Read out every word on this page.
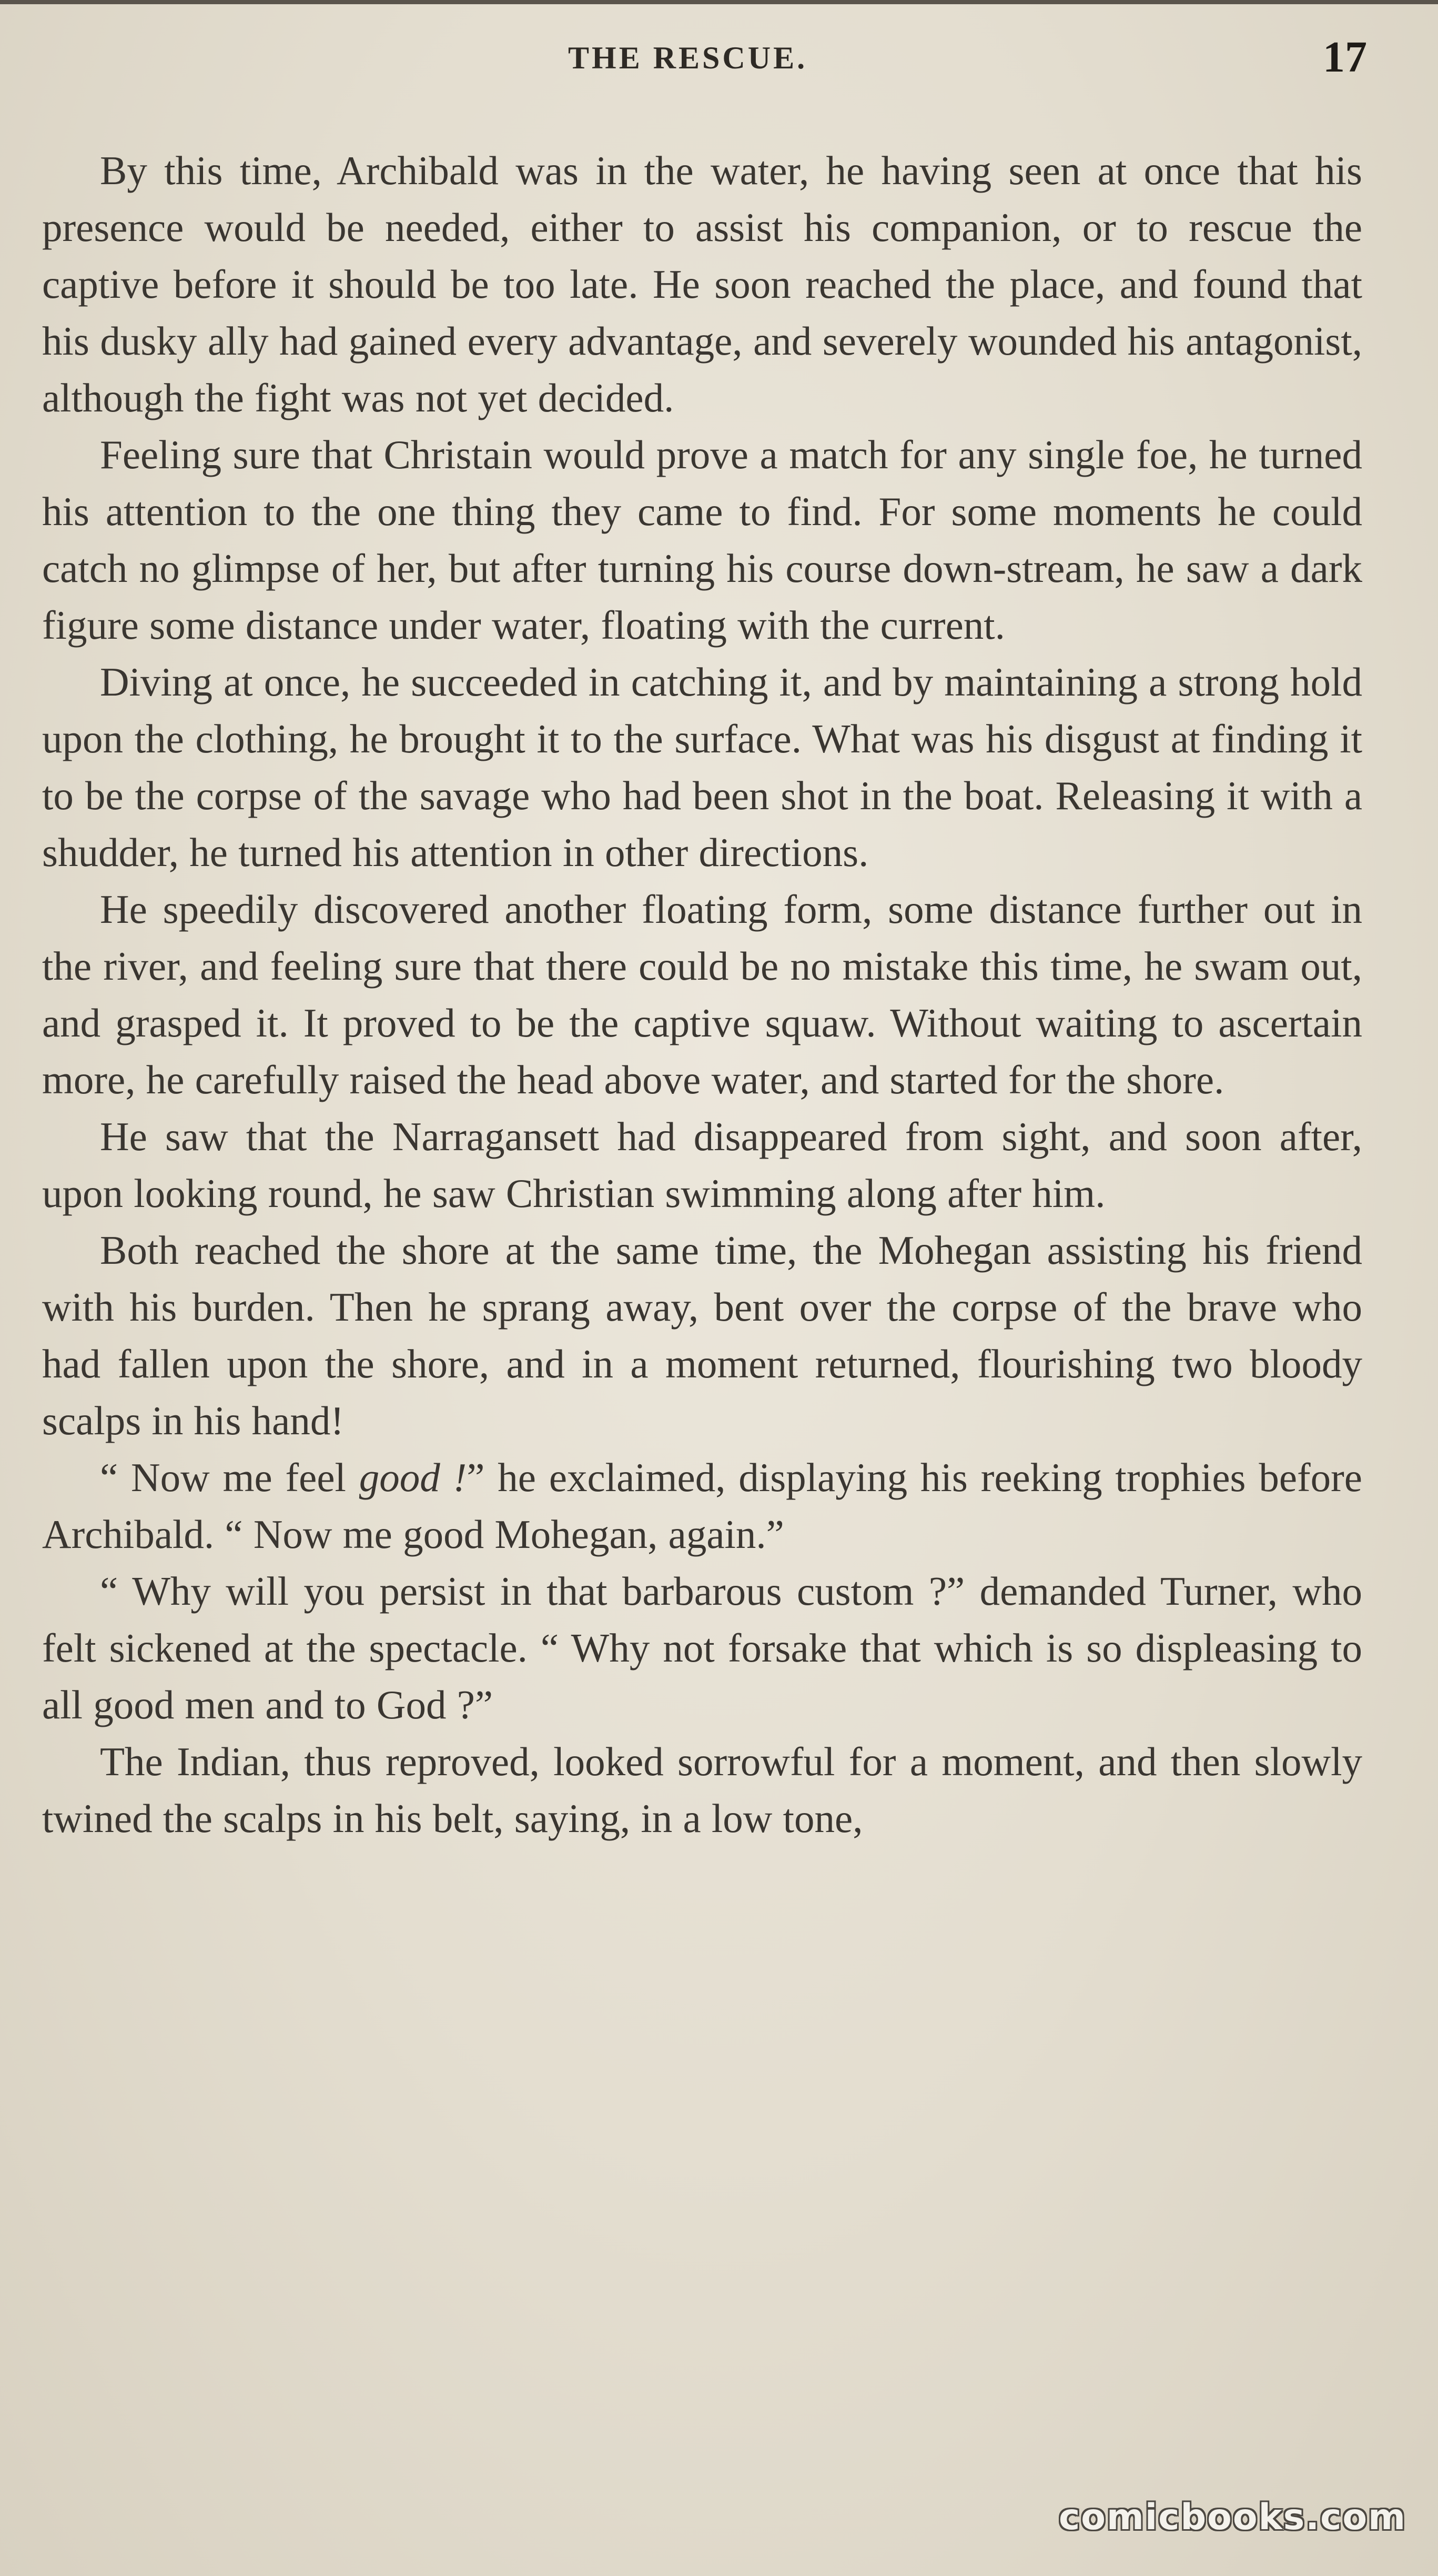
THE RESCUE.	17

By this time, Archibald was in the water, he having seen at once that his presence would be needed, either to assist his companion, or to rescue the captive before it should be too late. He soon reached the place, and found that his dusky ally had gained every advantage, and severely wounded his antagonist, although the fight was not yet decided.

Feeling sure that Christain would prove a match for any single foe, he turned his attention to the one thing they came to find. For some moments he could catch no glimpse of her, but after turning his course down-stream, he saw a dark figure some distance under water, floating with the current.

Diving at once, he succeeded in catching it, and by maintaining a strong hold upon the clothing, he brought it to the surface. What was his disgust at finding it to be the corpse of the savage who had been shot in the boat. Releasing it with a shudder, he turned his attention in other directions.

He speedily discovered another floating form, some distance further out in the river, and feeling sure that there could be no mistake this time, he swam out, and grasped it. It proved to be the captive squaw. Without waiting to ascertain more, he carefully raised the head above water, and started for the shore.

He saw that the Narragansett had disappeared from sight, and soon after, upon looking round, he saw Christian swimming along after him.

Both reached the shore at the same time, the Mohegan assisting his friend with his burden. Then he sprang away, bent over the corpse of the brave who had fallen upon the shore, and in a moment returned, flourishing two bloody scalps in his hand!

“ Now me feel good !” he exclaimed, displaying his reeking trophies before Archibald. “ Now me good Mohegan, again.”

“ Why will you persist in that barbarous custom ?” demanded Turner, who felt sickened at the spectacle. “ Why not forsake that which is so displeasing to all good men and to God ?”

The Indian, thus reproved, looked sorrowful for a moment, and then slowly twined the scalps in his belt, saying, in a low tone,

comicbooks.com
